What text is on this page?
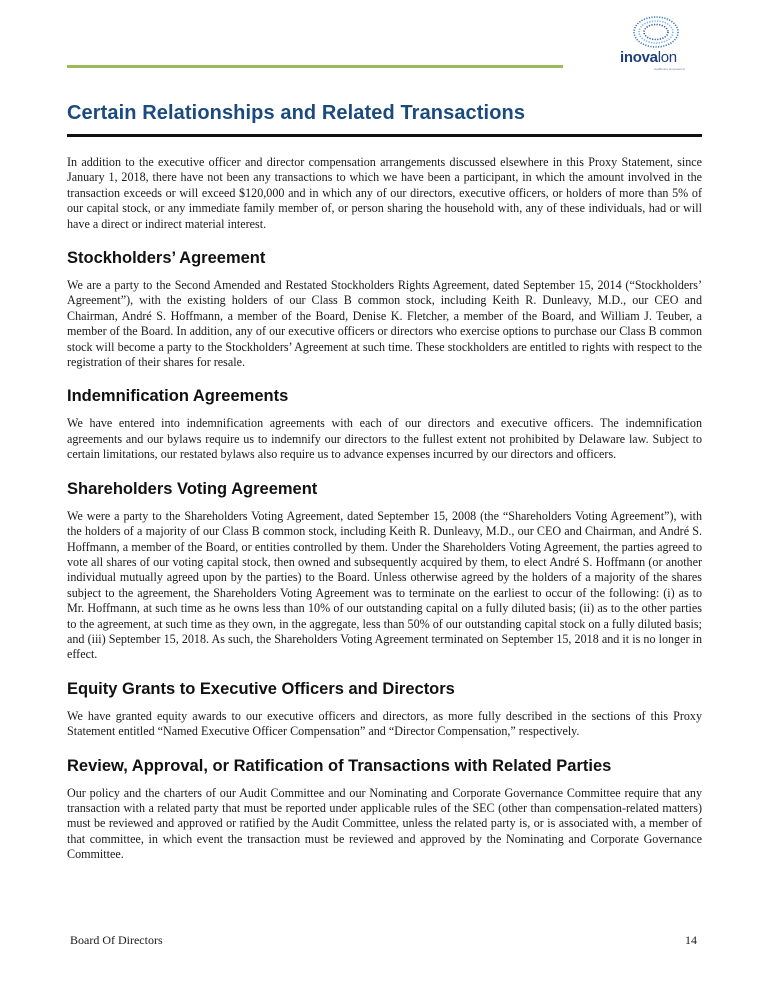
inovalon
healthcare empowered
Certain Relationships and Related Transactions

In addition to the executive officer and director compensation arrangements discussed elsewhere in this Proxy Statement, since January 1, 2018, there have not been any transactions to which we have been a participant, in which the amount involved in the transaction exceeds or will exceed $120,000 and in which any of our directors, executive officers, or holders of more than 5% of our capital stock, or any immediate family member of, or person sharing the household with, any of these individuals, had or will have a direct or indirect material interest.

Stockholders’ Agreement

We are a party to the Second Amended and Restated Stockholders Rights Agreement, dated September 15, 2014 (“Stockholders’ Agreement”), with the existing holders of our Class B common stock, including Keith R. Dunleavy, M.D., our CEO and Chairman, André S. Hoffmann, a member of the Board, Denise K. Fletcher, a member of the Board, and William J. Teuber, a member of the Board. In addition, any of our executive officers or directors who exercise options to purchase our Class B common stock will become a party to the Stockholders’ Agreement at such time. These stockholders are entitled to rights with respect to the registration of their shares for resale.

Indemnification Agreements

We have entered into indemnification agreements with each of our directors and executive officers. The indemnification agreements and our bylaws require us to indemnify our directors to the fullest extent not prohibited by Delaware law. Subject to certain limitations, our restated bylaws also require us to advance expenses incurred by our directors and officers.

Shareholders Voting Agreement

We were a party to the Shareholders Voting Agreement, dated September 15, 2008 (the “Shareholders Voting Agreement”), with the holders of a majority of our Class B common stock, including Keith R. Dunleavy, M.D., our CEO and Chairman, and André S. Hoffmann, a member of the Board, or entities controlled by them. Under the Shareholders Voting Agreement, the parties agreed to vote all shares of our voting capital stock, then owned and subsequently acquired by them, to elect André S. Hoffmann (or another individual mutually agreed upon by the parties) to the Board. Unless otherwise agreed by the holders of a majority of the shares subject to the agreement, the Shareholders Voting Agreement was to terminate on the earliest to occur of the following: (i) as to Mr. Hoffmann, at such time as he owns less than 10% of our outstanding capital on a fully diluted basis; (ii) as to the other parties to the agreement, at such time as they own, in the aggregate, less than 50% of our outstanding capital stock on a fully diluted basis; and (iii) September 15, 2018. As such, the Shareholders Voting Agreement terminated on September 15, 2018 and it is no longer in effect.

Equity Grants to Executive Officers and Directors

We have granted equity awards to our executive officers and directors, as more fully described in the sections of this Proxy Statement entitled “Named Executive Officer Compensation” and “Director Compensation,” respectively.

Review, Approval, or Ratification of Transactions with Related Parties

Our policy and the charters of our Audit Committee and our Nominating and Corporate Governance Committee require that any transaction with a related party that must be reported under applicable rules of the SEC (other than compensation‑related matters) must be reviewed and approved or ratified by the Audit Committee, unless the related party is, or is associated with, a member of that committee, in which event the transaction must be reviewed and approved by the Nominating and Corporate Governance Committee.

Board Of Directors	14
